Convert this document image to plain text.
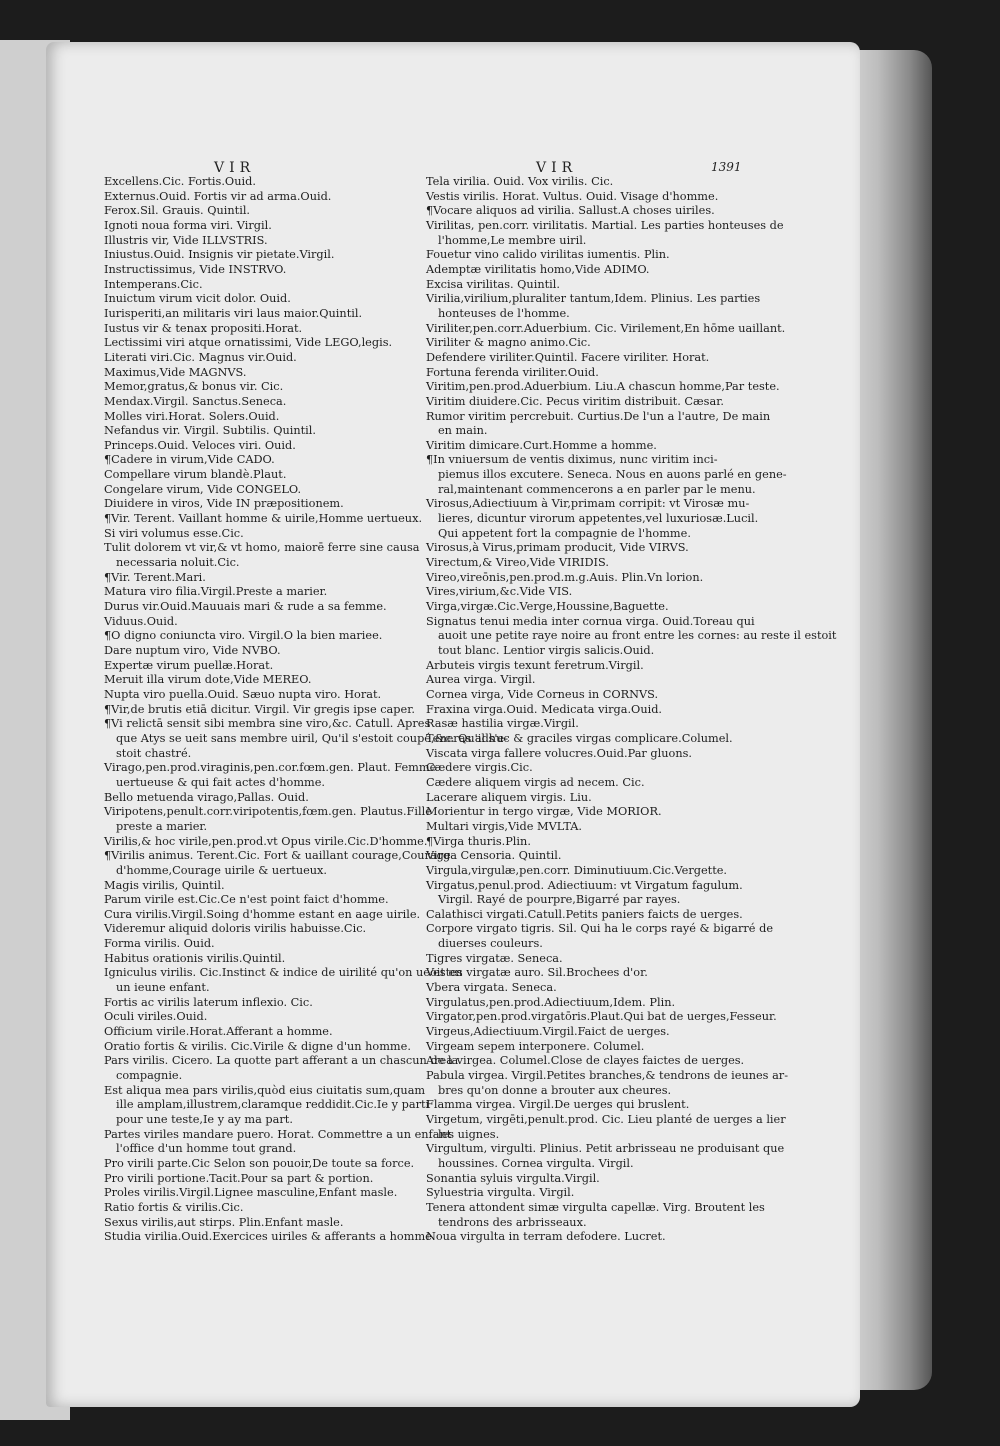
VIR	VIR	1391
Excellens.Cic. Fortis.Ouid.
Externus.Ouid. Fortis vir ad arma.Ouid.
Ferox.Sil. Grauis. Quintil.
Ignoti noua forma viri. Virgil.
Illustris vir, Vide ILLVSTRIS.
Iniustus.Ouid. Insignis vir pietate.Virgil.
Instructissimus, Vide INSTRVO.
Intemperans.Cic.
Inuictum virum vicit dolor. Ouid.
Iurisperiti,an militaris viri laus maior.Quintil.
Iustus vir & tenax propositi.Horat.
Lectissimi viri atque ornatissimi, Vide LEGO,legis.
Literati viri.Cic. Magnus vir.Ouid.
Maximus,Vide MAGNVS.
Memor,gratus,& bonus vir. Cic.
Mendax.Virgil. Sanctus.Seneca.
Molles viri.Horat. Solers.Ouid.
Nefandus vir. Virgil. Subtilis. Quintil.
Princeps.Ouid. Veloces viri. Ouid.
¶Cadere in virum,Vide CADO.
Compellare virum blandè.Plaut.
Congelare virum, Vide CONGELO.
Diuidere in viros, Vide IN præpositionem.
¶Vir. Terent. Vaillant homme & uirile,Homme uertueux.
Si viri volumus esse.Cic.
Tulit dolorem vt vir,& vt homo, maiorē ferre sine causa
necessaria noluit.Cic.
¶Vir. Terent.Mari.
Matura viro filia.Virgil.Preste a marier.
Durus vir.Ouid.Mauuais mari & rude a sa femme.
Viduus.Ouid.
¶O digno coniuncta viro. Virgil.O la bien mariee.
Dare nuptum viro, Vide NVBO.
Expertæ virum puellæ.Horat.
Meruit illa virum dote,Vide MEREO.
Nupta viro puella.Ouid. Sæuo nupta viro. Horat.
¶Vir,de brutis etiā dicitur. Virgil. Vir gregis ipse caper.
¶Vi relictā sensit sibi membra sine viro,&c. Catull. Apres
que Atys se ueit sans membre uiril, Qu'il s'estoit coupé,&c. Qu'il s'e-
stoit chastré.
Virago,pen.prod.viraginis,pen.cor.fœm.gen. Plaut. Femme
uertueuse & qui fait actes d'homme.
Bello metuenda virago,Pallas. Ouid.
Viripotens,penult.corr.viripotentis,fœm.gen. Plautus.Fille
preste a marier.
Virilis,& hoc virile,pen.prod.vt Opus virile.Cic.D'homme.
¶Virilis animus. Terent.Cic. Fort & uaillant courage,Courage
d'homme,Courage uirile & uertueux.
Magis virilis, Quintil.
Parum virile est.Cic.Ce n'est point faict d'homme.
Cura virilis.Virgil.Soing d'homme estant en aage uirile.
Videremur aliquid doloris virilis habuisse.Cic.
Forma virilis. Ouid.
Habitus orationis virilis.Quintil.
Igniculus virilis. Cic.Instinct & indice de uirilité qu'on ueoit en
un ieune enfant.
Fortis ac virilis laterum inflexio. Cic.
Oculi viriles.Ouid.
Officium virile.Horat.Afferant a homme.
Oratio fortis & virilis. Cic.Virile & digne d'un homme.
Pars virilis. Cicero. La quotte part afferant a un chascun de la
compagnie.
Est aliqua mea pars virilis,quòd eius ciuitatis sum,quam
ille amplam,illustrem,claramque reddidit.Cic.Ie y parti
pour une teste,Ie y ay ma part.
Partes viriles mandare puero. Horat. Commettre a un enfant
l'office d'un homme tout grand.
Pro virili parte.Cic Selon son pouoir,De toute sa force.
Pro virili portione.Tacit.Pour sa part & portion.
Proles virilis.Virgil.Lignee masculine,Enfant masle.
Ratio fortis & virilis.Cic.
Sexus virilis,aut stirps. Plin.Enfant masle.
Studia virilia.Ouid.Exercices uiriles & afferants a homme.
Tela virilia. Ouid. Vox virilis. Cic.
Vestis virilis. Horat. Vultus. Ouid. Visage d'homme.
¶Vocare aliquos ad virilia. Sallust.A choses uiriles.
Virilitas, pen.corr. virilitatis. Martial. Les parties honteuses de
l'homme,Le membre uiril.
Fouetur vino calido virilitas iumentis. Plin.
Ademptæ virilitatis homo,Vide ADIMO.
Excisa virilitas. Quintil.
Virilia,virilium,pluraliter tantum,Idem. Plinius. Les parties
honteuses de l'homme.
Viriliter,pen.corr.Aduerbium. Cic. Virilement,En hōme uaillant.
Viriliter & magno animo.Cic.
Defendere viriliter.Quintil. Facere viriliter. Horat.
Fortuna ferenda viriliter.Ouid.
Viritim,pen.prod.Aduerbium. Liu.A chascun homme,Par teste.
Viritim diuidere.Cic. Pecus viritim distribuit. Cæsar.
Rumor viritim percrebuit. Curtius.De l'un a l'autre, De main
en main.
Viritim dimicare.Curt.Homme a homme.
¶In vniuersum de ventis diximus, nunc viritim inci-
piemus illos excutere. Seneca. Nous en auons parlé en gene-
ral,maintenant commencerons a en parler par le menu.
Virosus,Adiectiuum à Vir,primam corripit: vt Virosæ mu-
lieres, dicuntur virorum appetentes,vel luxuriosæ.Lucil.
Qui appetent fort la compagnie de l'homme.
Virosus,à Virus,primam producit, Vide VIRVS.
Virectum,& Vireo,Vide VIRIDIS.
Vireo,vireōnis,pen.prod.m.g.Auis. Plin.Vn lorion.
Vires,virium,&c.Vide VIS.
Virga,virgæ.Cic.Verge,Houssine,Baguette.
Signatus tenui media inter cornua virga. Ouid.Toreau qui
auoit une petite raye noire au front entre les cornes: au reste il estoit
tout blanc. Lentior virgis salicis.Ouid.
Arbuteis virgis texunt feretrum.Virgil.
Aurea virga. Virgil.
Cornea virga, Vide Corneus in CORNVS.
Fraxina virga.Ouid. Medicata virga.Ouid.
Rasæ hastilia virgæ.Virgil.
Teneras adhuc & graciles virgas complicare.Columel.
Viscata virga fallere volucres.Ouid.Par gluons.
Cædere virgis.Cic.
Cædere aliquem virgis ad necem. Cic.
Lacerare aliquem virgis. Liu.
Morientur in tergo virgæ, Vide MORIOR.
Multari virgis,Vide MVLTA.
¶Virga thuris.Plin.
Virga Censoria. Quintil.
Virgula,virgulæ,pen.corr. Diminutiuum.Cic.Vergette.
Virgatus,penul.prod. Adiectiuum: vt Virgatum fagulum.
Virgil. Rayé de pourpre,Bigarré par rayes.
Calathisci virgati.Catull.Petits paniers faicts de uerges.
Corpore virgato tigris. Sil. Qui ha le corps rayé & bigarré de
diuerses couleurs.
Tigres virgatæ. Seneca.
Vestes virgatæ auro. Sil.Brochees d'or.
Vbera virgata. Seneca.
Virgulatus,pen.prod.Adiectiuum,Idem. Plin.
Virgator,pen.prod.virgatōris.Plaut.Qui bat de uerges,Fesseur.
Virgeus,Adiectiuum.Virgil.Faict de uerges.
Virgeam sepem interponere. Columel.
Area virgea. Columel.Close de clayes faictes de uerges.
Pabula virgea. Virgil.Petites branches,& tendrons de ieunes ar-
bres qu'on donne a brouter aux cheures.
Flamma virgea. Virgil.De uerges qui bruslent.
Virgetum, virgēti,penult.prod. Cic. Lieu planté de uerges a lier
les uignes.
Virgultum, virgulti. Plinius. Petit arbrisseau ne produisant que
houssines. Cornea virgulta. Virgil.
Sonantia syluis virgulta.Virgil.
Syluestria virgulta. Virgil.
Tenera attondent simæ virgulta capellæ. Virg. Broutent les
tendrons des arbrisseaux.
Noua virgulta in terram defodere. Lucret.
